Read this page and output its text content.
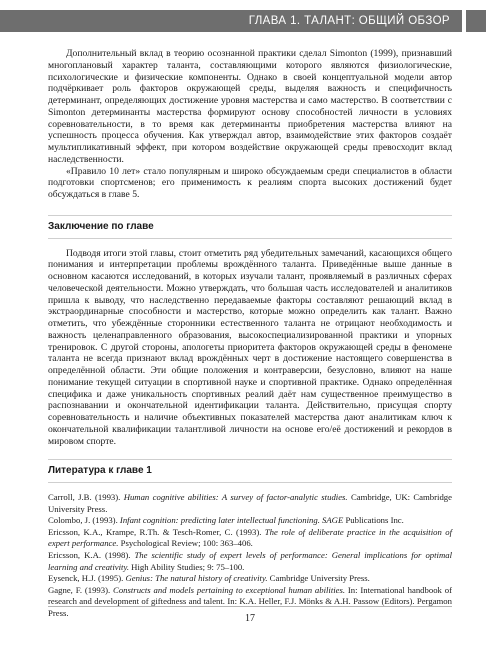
ГЛАВА 1. ТАЛАНТ: ОБЩИЙ ОБЗОР

Дополнительный вклад в теорию осознанной практики сделал Simonton (1999), признавший многоплановый характер таланта, составляющими которого являются физиологические, психологические и физические компоненты. Однако в своей концептуальной модели автор подчёркивает роль факторов окружающей среды, выделяя важность и специфичность детерминант, определяющих достижение уровня мастерства и само мастерство. В соответствии с Simonton детерминанты мастерства формируют основу способностей личности в условиях соревновательности, в то время как детерминанты приобретения мастерства влияют на успешность процесса обучения. Как утверждал автор, взаимодействие этих факторов создаёт мультипликативный эффект, при котором воздействие окружающей среды превосходит вклад наследственности.

«Правило 10 лет» стало популярным и широко обсуждаемым среди специалистов в области подготовки спортсменов; его применимость к реалиям спорта высоких достижений будет обсуждаться в главе 5.

Заключение по главе

Подводя итоги этой главы, стоит отметить ряд убедительных замечаний, касающихся общего понимания и интерпретации проблемы врождённого таланта. Приведённые выше данные в основном касаются исследований, в которых изучали талант, проявляемый в различных сферах человеческой деятельности. Можно утверждать, что большая часть исследователей и аналитиков пришла к выводу, что наследственно передаваемые факторы составляют решающий вклад в экстраординарные способности и мастерство, которые можно определить как талант. Важно отметить, что убеждённые сторонники естественного таланта не отрицают необходимость и важность целенаправленного образования, высокоспециализированной практики и упорных тренировок. С другой стороны, апологеты приоритета факторов окружающей среды в феномене таланта не всегда признают вклад врождённых черт в достижение настоящего совершенства в определённой области. Эти общие положения и контраверсии, безусловно, влияют на наше понимание текущей ситуации в спортивной науке и спортивной практике. Однако определённая специфика и даже уникальность спортивных реалий даёт нам существенное преимущество в распознавании и окончательной идентификации таланта. Действительно, присущая спорту соревновательность и наличие объективных показателей мастерства дают аналитикам ключ к окончательной квалификации талантливой личности на основе его/её достижений и рекордов в мировом спорте.

Литература к главе 1

Carroll, J.B. (1993). Human cognitive abilities: A survey of factor-analytic studies. Cambridge, UK: Cambridge University Press.

Colombo, J. (1993). Infant cognition: predicting later intellectual functioning. SAGE Publications Inc.

Ericsson, K.A., Krampe, R.Th. & Tesch-Romer, C. (1993). The role of deliberate practice in the acquisition of expert performance. Psychological Review; 100: 363–406.

Ericsson, K.A. (1998). The scientific study of expert levels of performance: General implications for optimal learning and creativity. High Ability Studies; 9: 75–100.

Eysenck, H.J. (1995). Genius: The natural history of creativity. Cambridge University Press.

Gagne, F. (1993). Constructs and models pertaining to exceptional human abilities. In: International handbook of research and development of giftedness and talent. In: K.A. Heller, F.J. Mönks & A.H. Passow (Editors). Pergamon Press.

17
